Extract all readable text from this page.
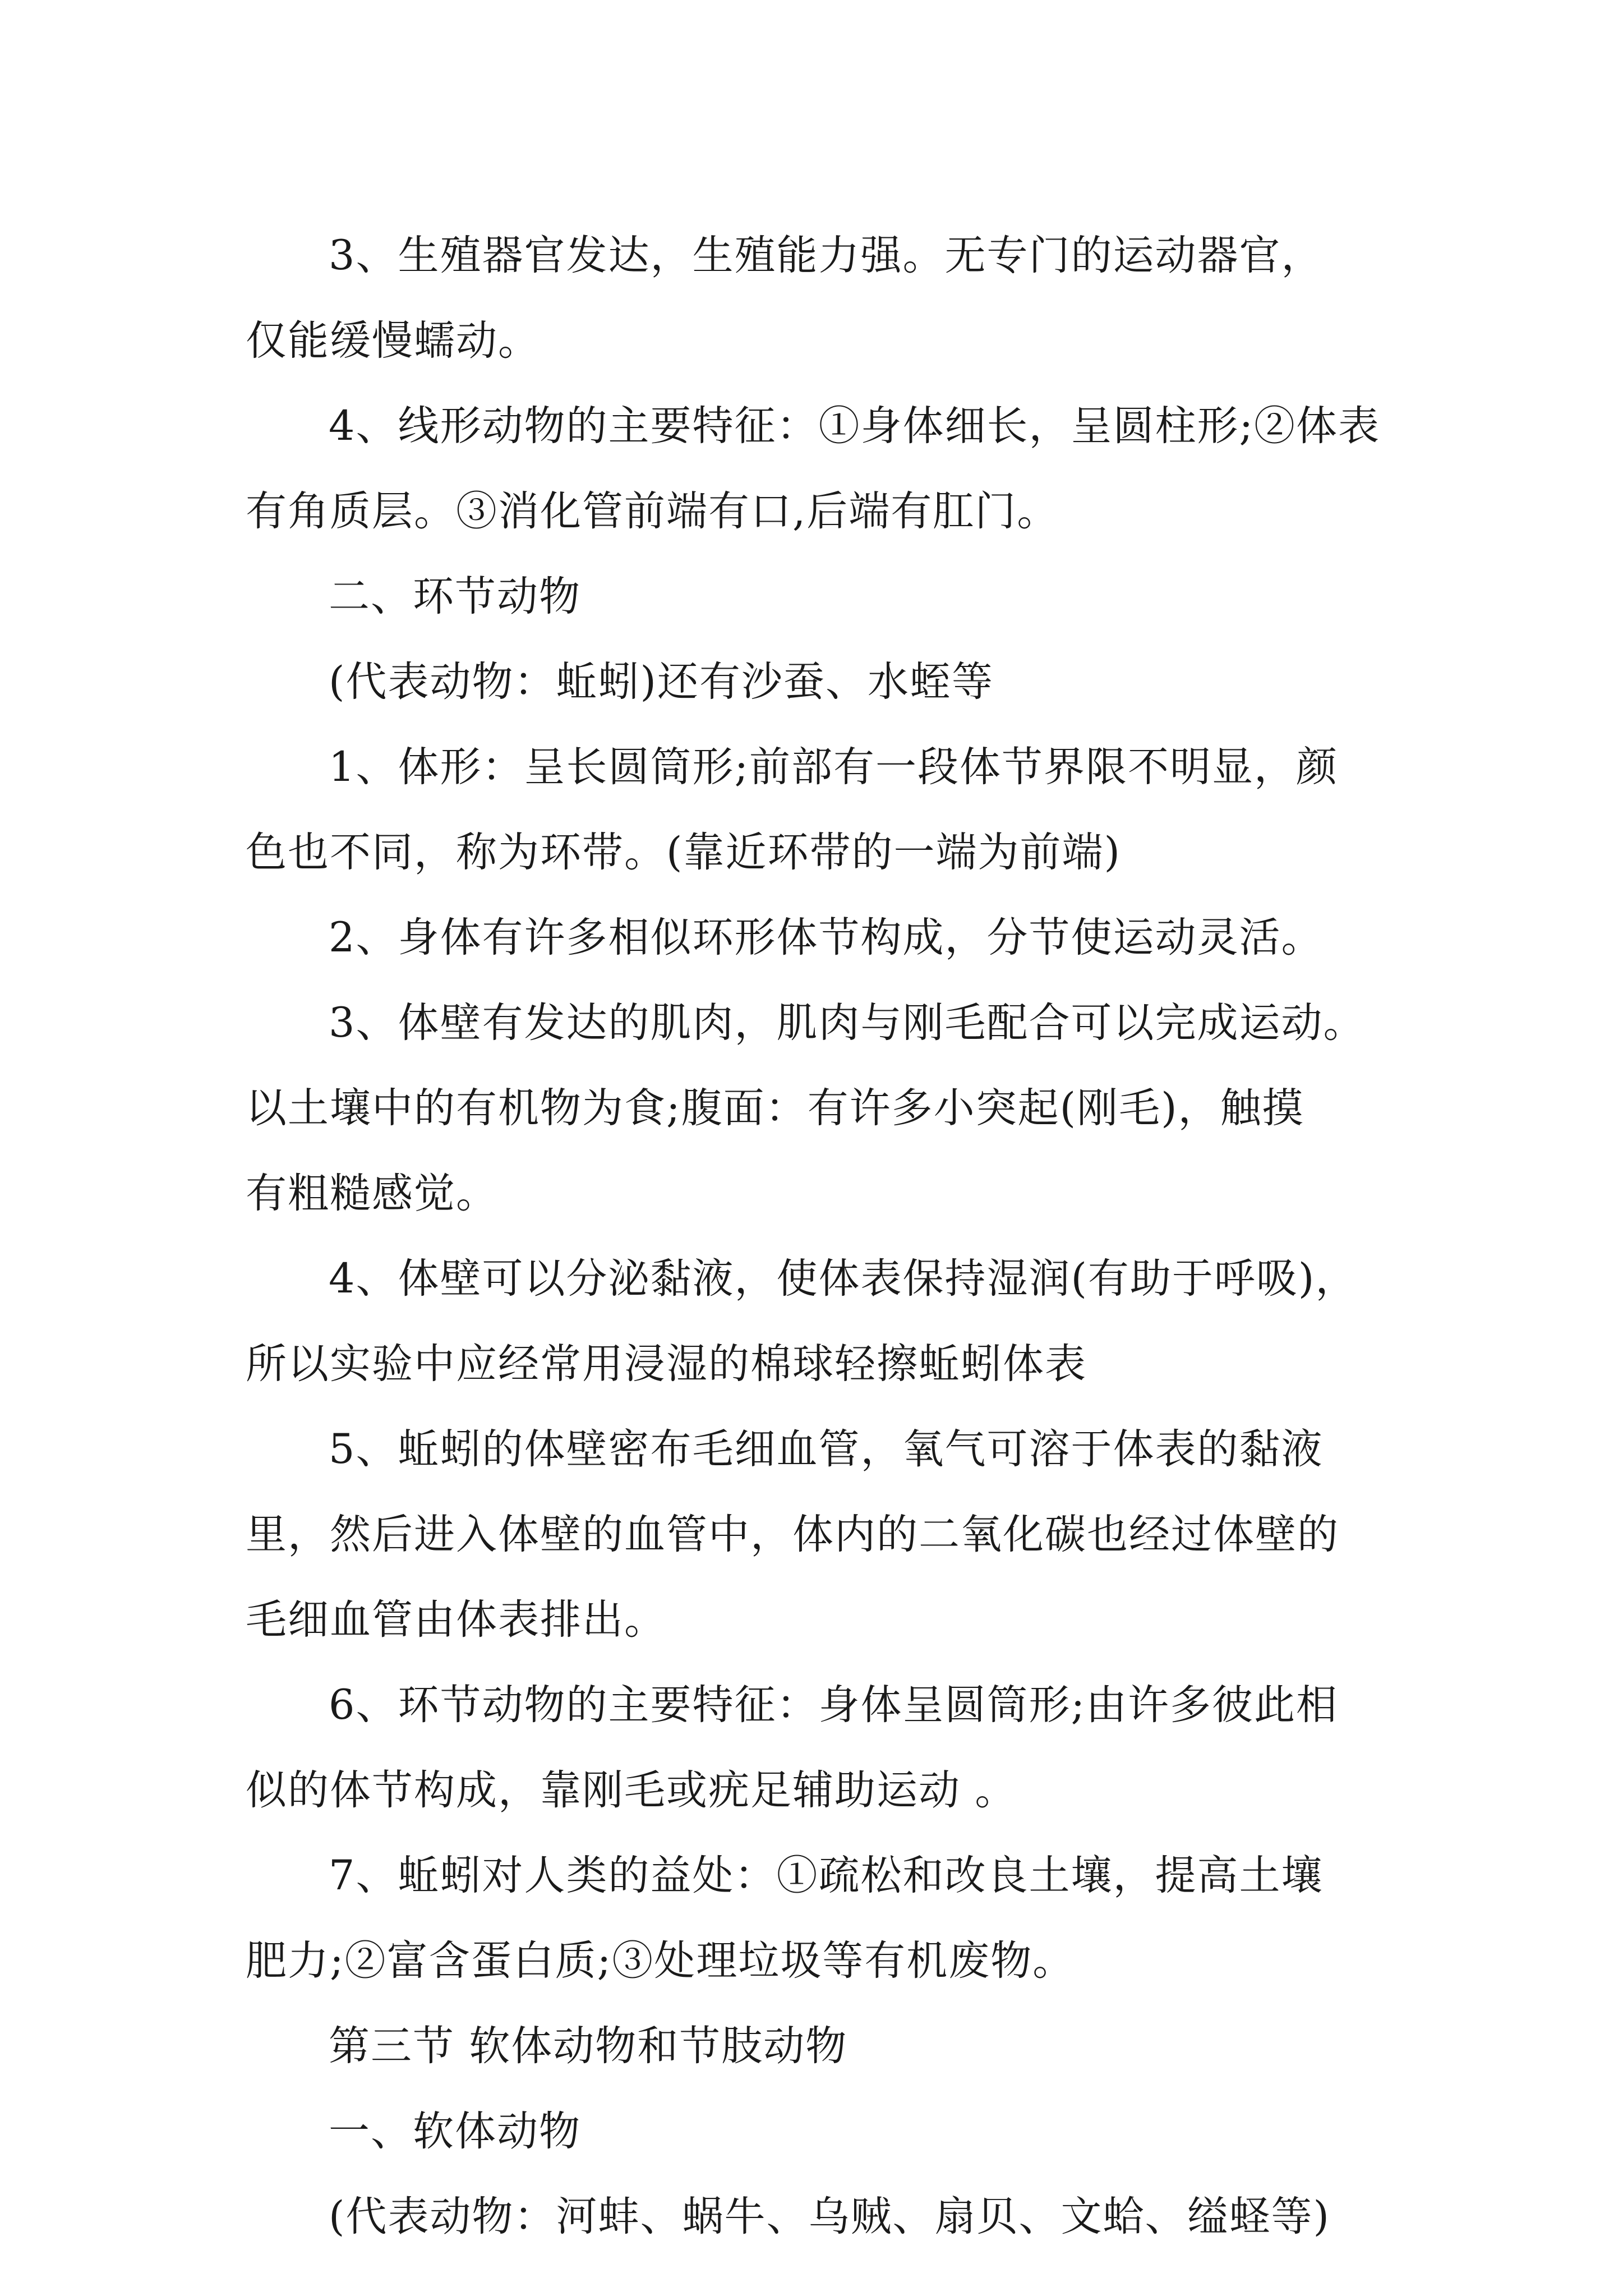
3、生殖器官发达，生殖能力强。无专门的运动器官，
仅能缓慢蠕动。

4、线形动物的主要特征：①身体细长，呈圆柱形;②体表
有角质层。③消化管前端有口,后端有肛门。

二、环节动物

(代表动物：蚯蚓)还有沙蚕、水蛭等

1、体形：呈长圆筒形;前部有一段体节界限不明显，颜
色也不同，称为环带。(靠近环带的一端为前端)

2、身体有许多相似环形体节构成，分节使运动灵活。

3、体壁有发达的肌肉，肌肉与刚毛配合可以完成运动。
以土壤中的有机物为食;腹面：有许多小突起(刚毛)，触摸
有粗糙感觉。

4、体壁可以分泌黏液，使体表保持湿润(有助于呼吸)，
所以实验中应经常用浸湿的棉球轻擦蚯蚓体表

5、蚯蚓的体壁密布毛细血管，氧气可溶于体表的黏液
里，然后进入体壁的血管中，体内的二氧化碳也经过体壁的
毛细血管由体表排出。

6、环节动物的主要特征：身体呈圆筒形;由许多彼此相
似的体节构成，靠刚毛或疣足辅助运动 。

7、蚯蚓对人类的益处：①疏松和改良土壤，提高土壤
肥力;②富含蛋白质;③处理垃圾等有机废物。

第三节 软体动物和节肢动物

一、软体动物

(代表动物：河蚌、蜗牛、乌贼、扇贝、文蛤、缢蛏等)
